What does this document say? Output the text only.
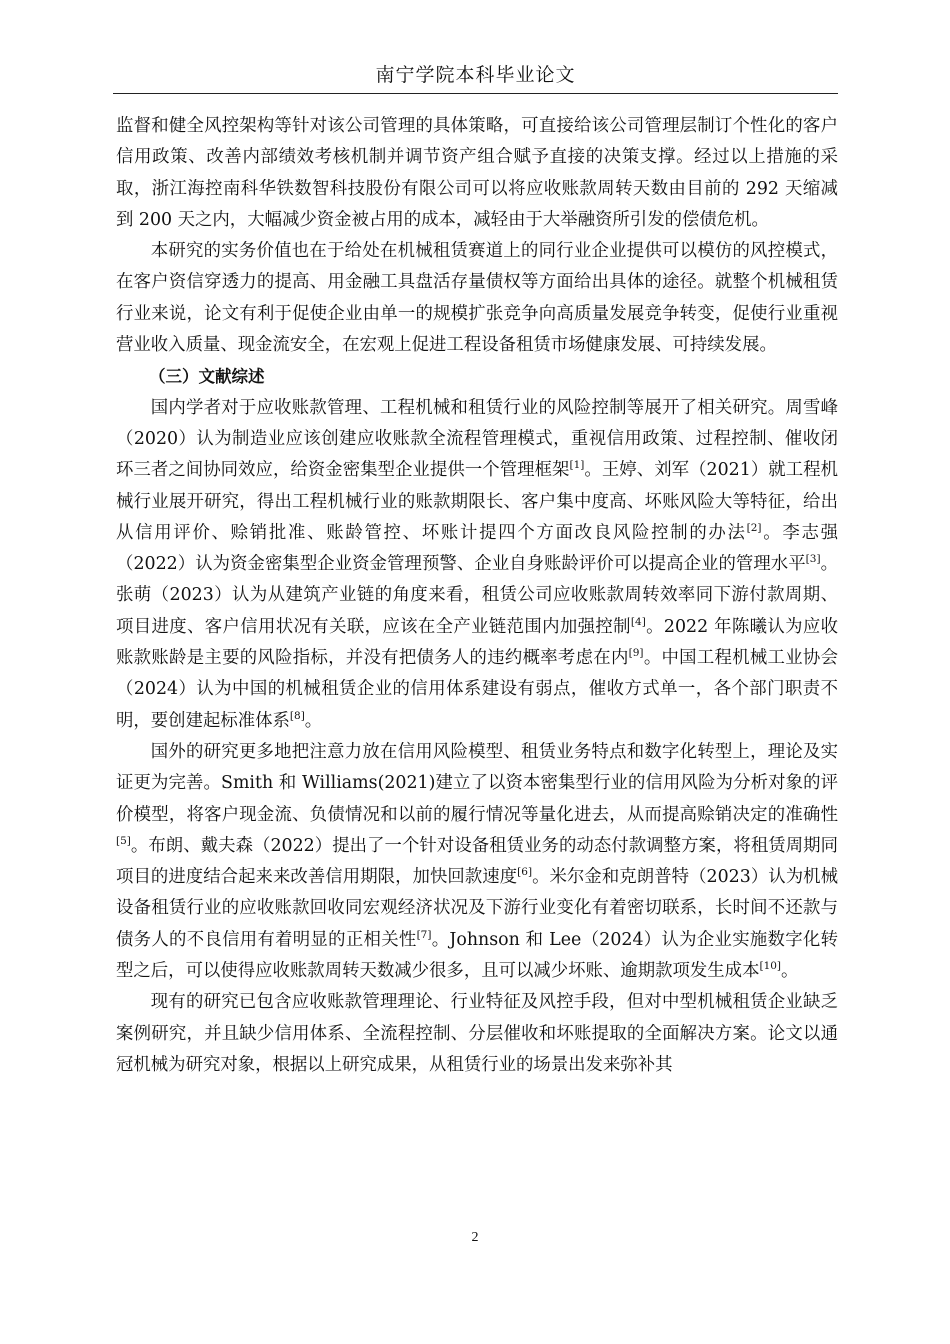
南宁学院本科毕业论文

监督和健全风控架构等针对该公司管理的具体策略，可直接给该公司管理层制订个性化的客户信用政策、改善内部绩效考核机制并调节资产组合赋予直接的决策支撑。经过以上措施的采取，浙江海控南科华铁数智科技股份有限公司可以将应收账款周转天数由目前的 292 天缩减到 200 天之内，大幅减少资金被占用的成本，减轻由于大举融资所引发的偿债危机。

本研究的实务价值也在于给处在机械租赁赛道上的同行业企业提供可以模仿的风控模式，在客户资信穿透力的提高、用金融工具盘活存量债权等方面给出具体的途径。就整个机械租赁行业来说，论文有利于促使企业由单一的规模扩张竞争向高质量发展竞争转变，促使行业重视营业收入质量、现金流安全，在宏观上促进工程设备租赁市场健康发展、可持续发展。

（三）文献综述

国内学者对于应收账款管理、工程机械和租赁行业的风险控制等展开了相关研究。周雪峰（2020）认为制造业应该创建应收账款全流程管理模式，重视信用政策、过程控制、催收闭环三者之间协同效应，给资金密集型企业提供一个管理框架[1]。王婷、刘军（2021）就工程机械行业展开研究，得出工程机械行业的账款期限长、客户集中度高、坏账风险大等特征，给出从信用评价、赊销批准、账龄管控、坏账计提四个方面改良风险控制的办法[2]。李志强（2022）认为资金密集型企业资金管理预警、企业自身账龄评价可以提高企业的管理水平[3]。张萌（2023）认为从建筑产业链的角度来看，租赁公司应收账款周转效率同下游付款周期、项目进度、客户信用状况有关联，应该在全产业链范围内加强控制[4]。2022 年陈曦认为应收账款账龄是主要的风险指标，并没有把债务人的违约概率考虑在内[9]。中国工程机械工业协会（2024）认为中国的机械租赁企业的信用体系建设有弱点，催收方式单一，各个部门职责不明，要创建起标准体系[8]。

国外的研究更多地把注意力放在信用风险模型、租赁业务特点和数字化转型上，理论及实证更为完善。Smith 和 Williams(2021)建立了以资本密集型行业的信用风险为分析对象的评价模型，将客户现金流、负债情况和以前的履行情况等量化进去，从而提高赊销决定的准确性[5]。布朗、戴夫森（2022）提出了一个针对设备租赁业务的动态付款调整方案，将租赁周期同项目的进度结合起来来改善信用期限，加快回款速度[6]。米尔金和克朗普特（2023）认为机械设备租赁行业的应收账款回收同宏观经济状况及下游行业变化有着密切联系，长时间不还款与债务人的不良信用有着明显的正相关性[7]。Johnson 和 Lee（2024）认为企业实施数字化转型之后，可以使得应收账款周转天数减少很多，且可以减少坏账、逾期款项发生成本[10]。

现有的研究已包含应收账款管理理论、行业特征及风控手段，但对中型机械租赁企业缺乏案例研究，并且缺少信用体系、全流程控制、分层催收和坏账提取的全面解决方案。论文以通冠机械为研究对象，根据以上研究成果，从租赁行业的场景出发来弥补其

2
